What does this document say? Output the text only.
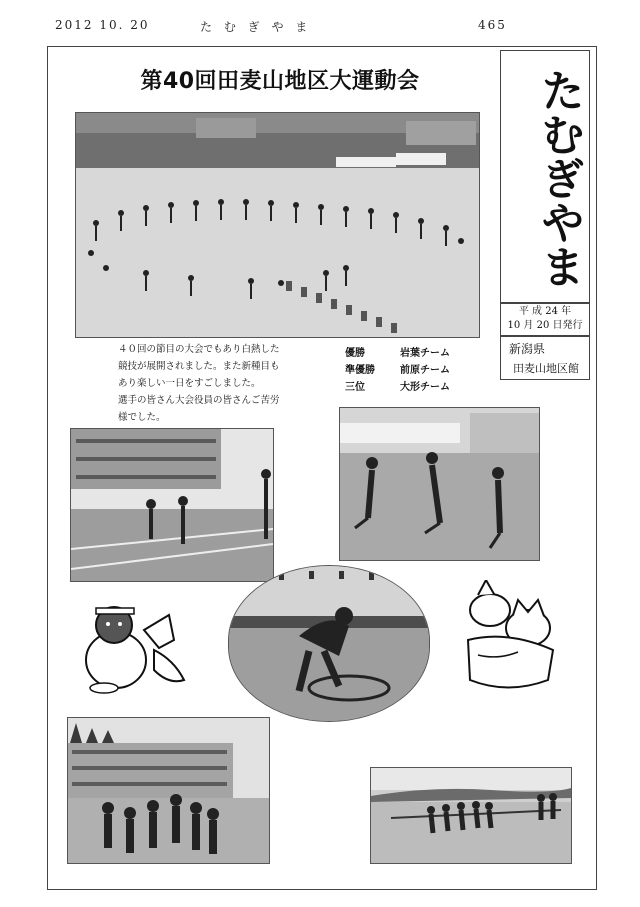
2012 10. 20	た む ぎ や ま	465
第40回田麦山地区大運動会	たむぎやま
平 成 24 年
10 月 20 日発行
新潟県
田麦山地区館
４０回の節目の大会でもあり白熱した
競技が展開されました。また新種目も
あり楽しい一日をすごしました。
選手の皆さん大会役員の皆さんご苦労
様でした。
優勝	岩葉チーム
準優勝	前原チーム
三位	大形チーム
